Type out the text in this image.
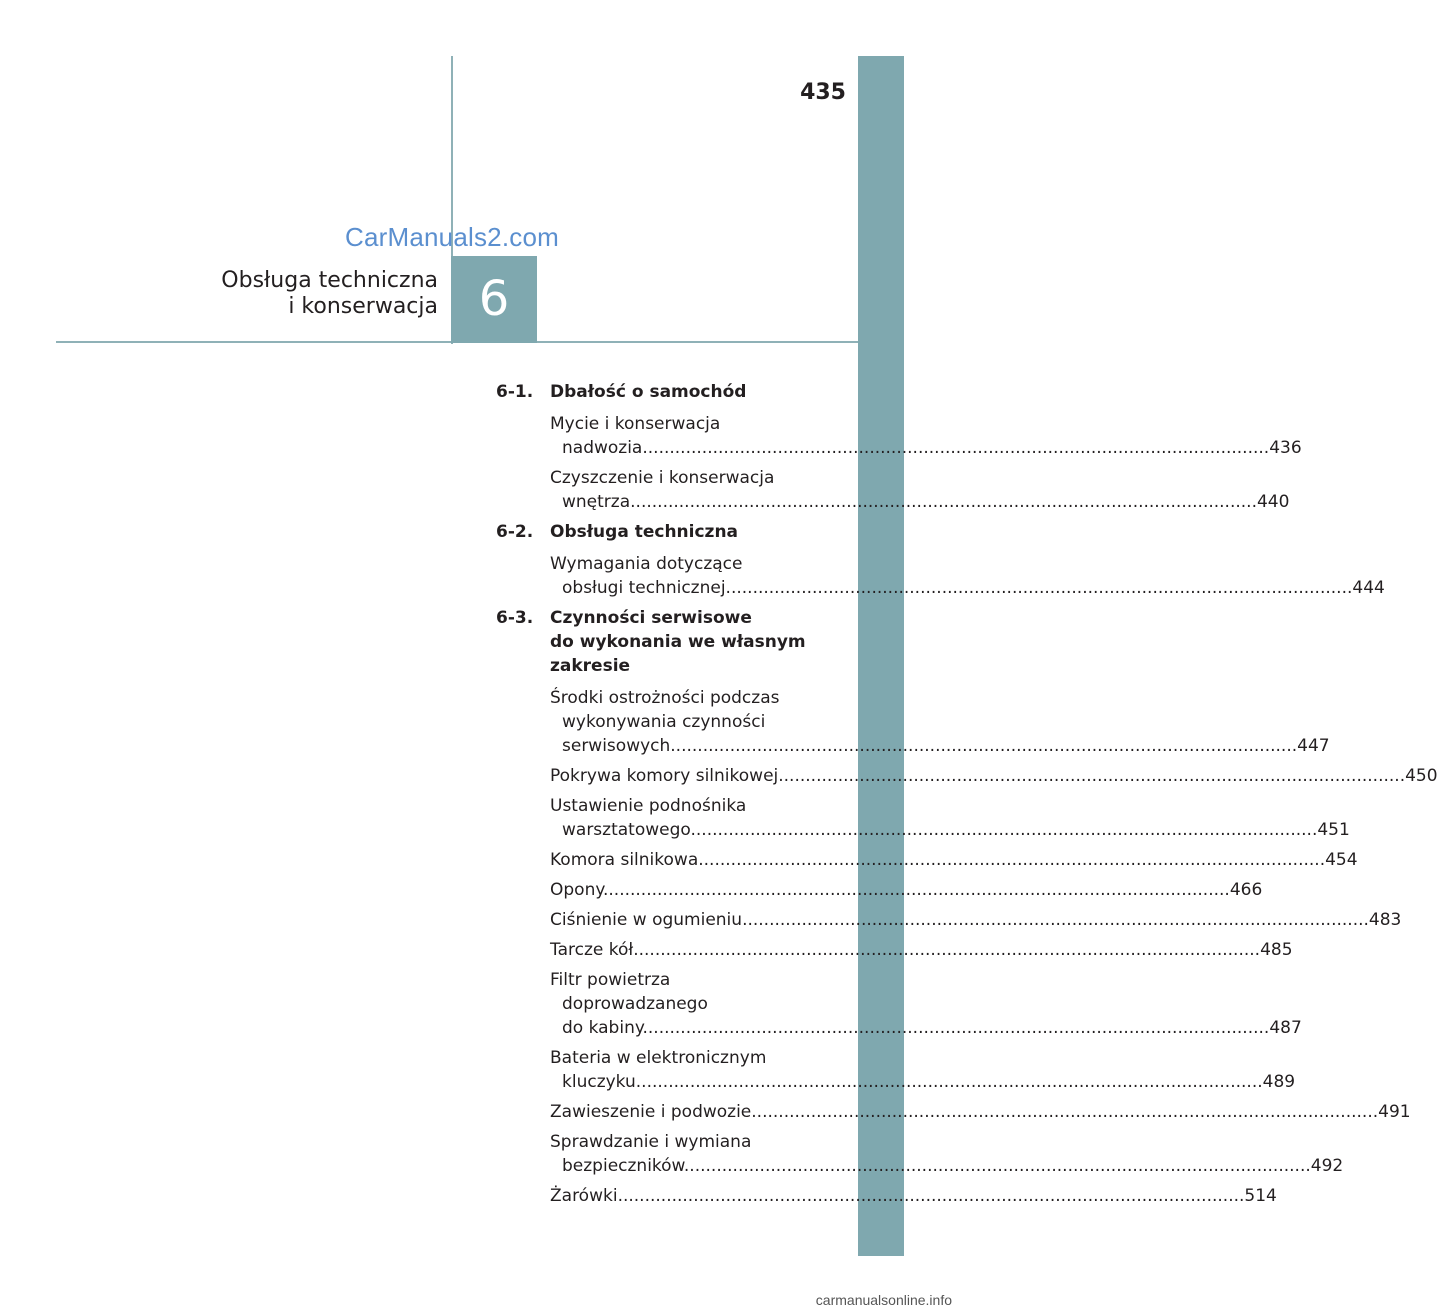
435
CarManuals2.com
Obsługa techniczna
i konserwacja 6
6-1. Dbałość o samochód
Mycie i konserwacja
nadwozia .....	436
Czyszczenie i konserwacja
wnętrza .....	440
6-2. Obsługa techniczna
Wymagania dotyczące
obsługi technicznej .....	444
6-3. Czynności serwisowe
do wykonania we własnym
zakresie
Środki ostrożności podczas
wykonywania czynności
serwisowych .....	447
Pokrywa komory silnikowej .....	450
Ustawienie podnośnika
warsztatowego .....	451
Komora silnikowa .....	454
Opony .....	466
Ciśnienie w ogumieniu .....	483
Tarcze kół .....	485
Filtr powietrza
doprowadzanego
do kabiny .....	487
Bateria w elektronicznym
kluczyku .....	489
Zawieszenie i podwozie .....	491
Sprawdzanie i wymiana
bezpieczników .....	492
Żarówki .....	514
carmanualsonline.info
